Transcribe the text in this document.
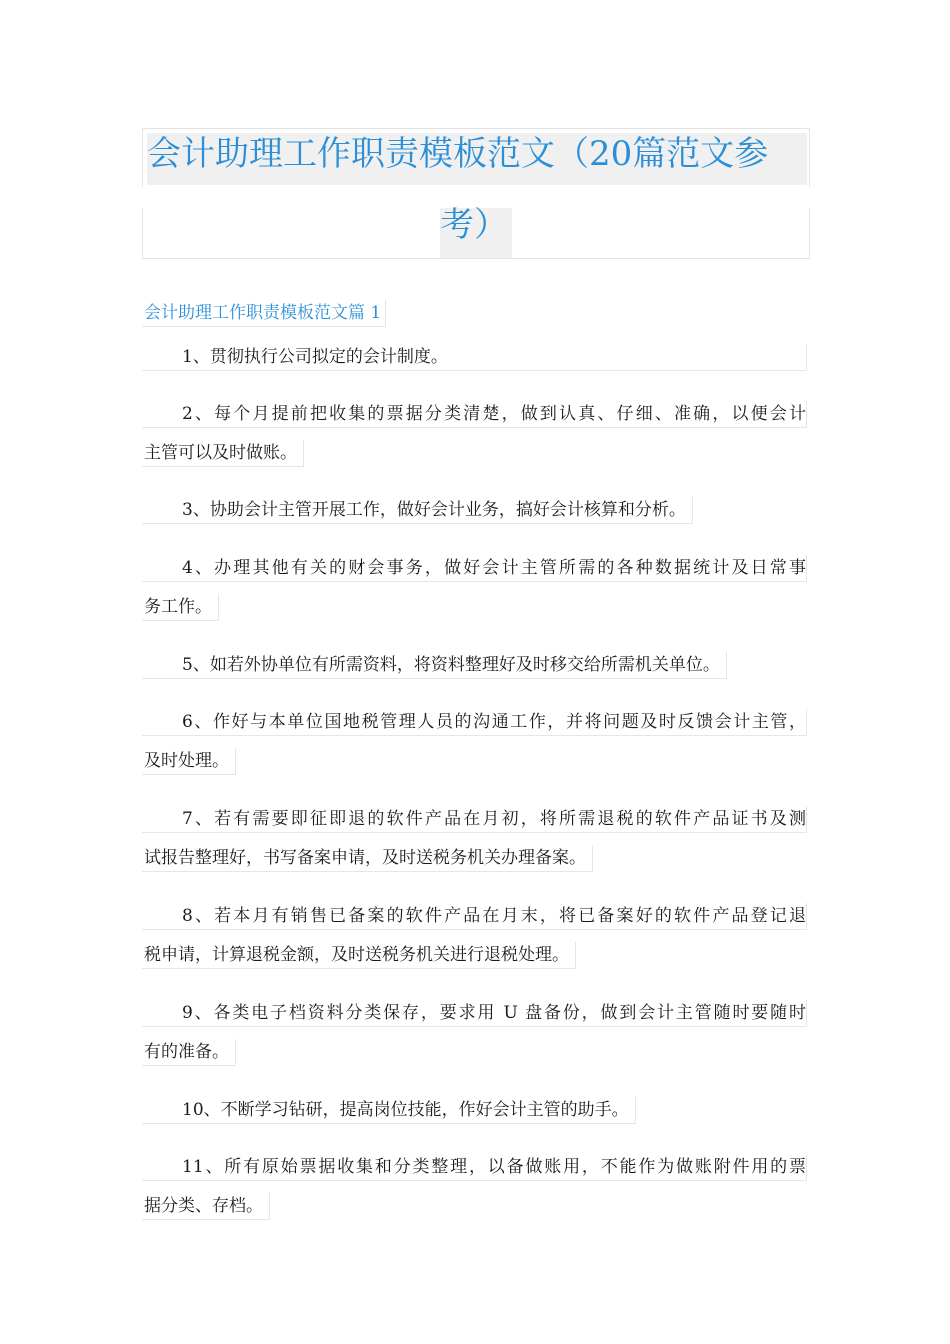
会计助理工作职责模板范文（20篇范文参
考）
会计助理工作职责模板范文篇 1
1、贯彻执行公司拟定的会计制度。
2、每个月提前把收集的票据分类清楚，做到认真、仔细、准确，以便会计
主管可以及时做账。
3、协助会计主管开展工作，做好会计业务，搞好会计核算和分析。
4、办理其他有关的财会事务，做好会计主管所需的各种数据统计及日常事
务工作。
5、如若外协单位有所需资料，将资料整理好及时移交给所需机关单位。
6、作好与本单位国地税管理人员的沟通工作，并将问题及时反馈会计主管，
及时处理。
7、若有需要即征即退的软件产品在月初，将所需退税的软件产品证书及测
试报告整理好，书写备案申请，及时送税务机关办理备案。
8、若本月有销售已备案的软件产品在月末，将已备案好的软件产品登记退
税申请，计算退税金额，及时送税务机关进行退税处理。
9、各类电子档资料分类保存，要求用 U 盘备份，做到会计主管随时要随时
有的准备。
10、不断学习钻研，提高岗位技能，作好会计主管的助手。
11、所有原始票据收集和分类整理，以备做账用，不能作为做账附件用的票
据分类、存档。
